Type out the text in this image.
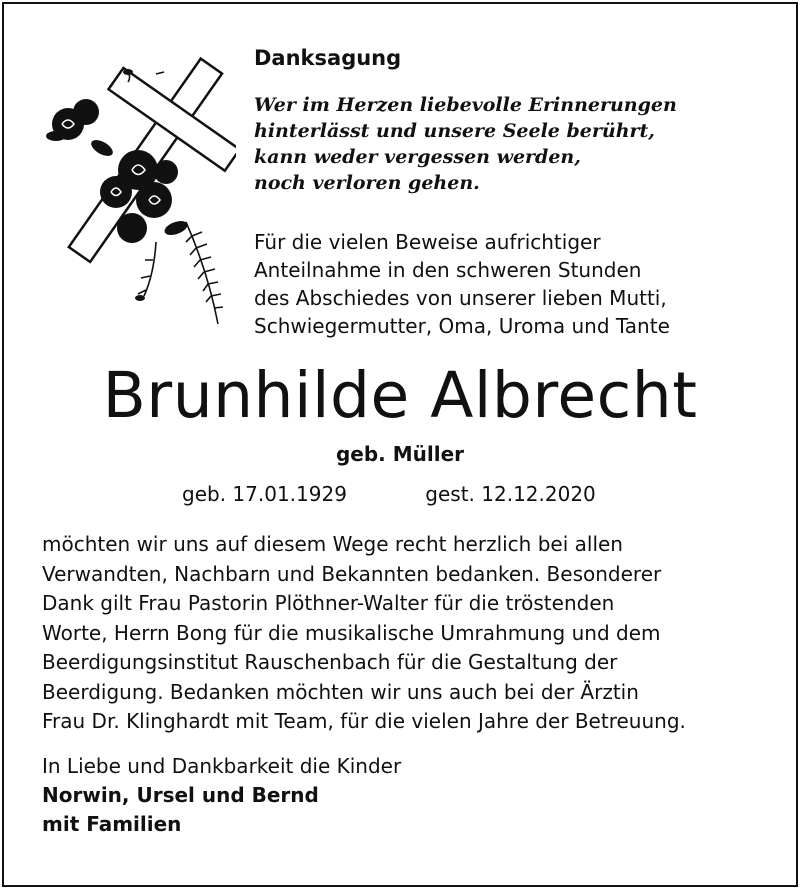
Danksagung
Wer im Herzen liebevolle Erinnerungen
hinterlässt und unsere Seele berührt,
kann weder vergessen werden,
noch verloren gehen.
Für die vielen Beweise aufrichtiger
Anteilnahme in den schweren Stunden
des Abschiedes von unserer lieben Mutti,
Schwiegermutter, Oma, Uroma und Tante
Brunhilde Albrecht
geb. Müller
geb. 17.01.1929	gest. 12.12.2020
möchten wir uns auf diesem Wege recht herzlich bei allen
Verwandten, Nachbarn und Bekannten bedanken. Besonderer
Dank gilt Frau Pastorin Plöthner-Walter für die tröstenden
Worte, Herrn Bong für die musikalische Umrahmung und dem
Beerdigungsinstitut Rauschenbach für die Gestaltung der
Beerdigung. Bedanken möchten wir uns auch bei der Ärztin
Frau Dr. Klinghardt mit Team, für die vielen Jahre der Betreuung.
In Liebe und Dankbarkeit die Kinder
Norwin, Ursel und Bernd
mit Familien
